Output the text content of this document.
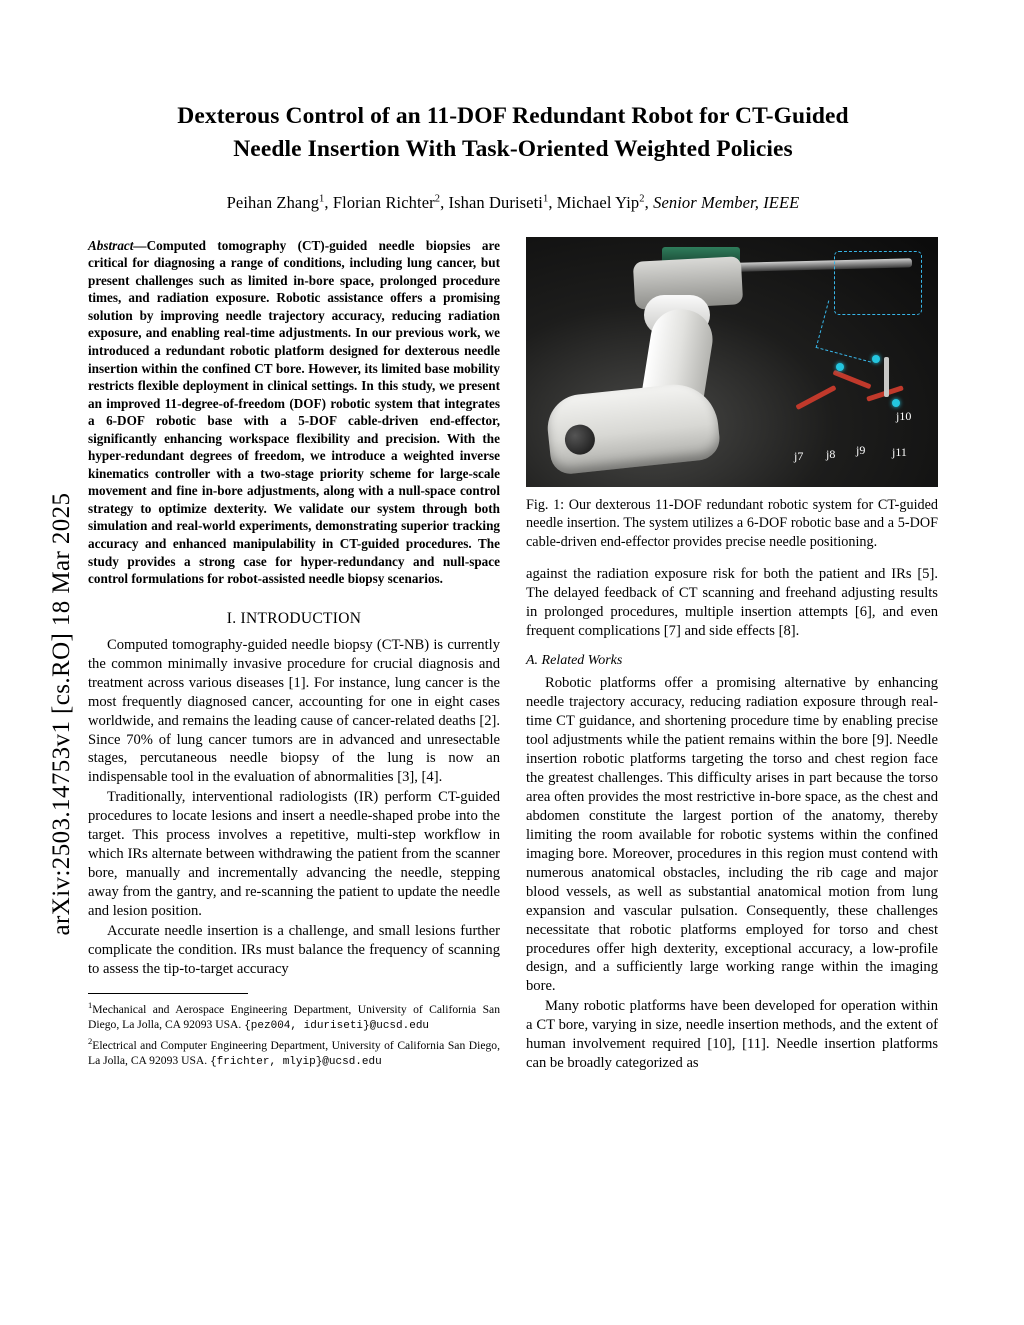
arXiv:2503.14753v1 [cs.RO] 18 Mar 2025
Dexterous Control of an 11-DOF Redundant Robot for CT-Guided
Needle Insertion With Task-Oriented Weighted Policies
Peihan Zhang$^1$, Florian Richter$^2$, Ishan Duriseti$^1$, Michael Yip$^2$, Senior Member, IEEE
Abstract—Computed tomography (CT)-guided needle biopsies are critical for diagnosing a range of conditions, including lung cancer, but present challenges such as limited in-bore space, prolonged procedure times, and radiation exposure. Robotic assistance offers a promising solution by improving needle trajectory accuracy, reducing radiation exposure, and enabling real-time adjustments. In our previous work, we introduced a redundant robotic platform designed for dexterous needle insertion within the confined CT bore. However, its limited base mobility restricts flexible deployment in clinical settings. In this study, we present an improved 11-degree-of-freedom (DOF) robotic system that integrates a 6-DOF robotic base with a 5-DOF cable-driven end-effector, significantly enhancing workspace flexibility and precision. With the hyper-redundant degrees of freedom, we introduce a weighted inverse kinematics controller with a two-stage priority scheme for large-scale movement and fine in-bore adjustments, along with a null-space control strategy to optimize dexterity. We validate our system through both simulation and real-world experiments, demonstrating superior tracking accuracy and enhanced manipulability in CT-guided procedures. The study provides a strong case for hyper-redundancy and null-space control formulations for robot-assisted needle biopsy scenarios.
I. INTRODUCTION

Computed tomography-guided needle biopsy (CT-NB) is currently the common minimally invasive procedure for crucial diagnosis and treatment across various diseases [1]. For instance, lung cancer is the most frequently diagnosed cancer, accounting for one in eight cases worldwide, and remains the leading cause of cancer-related deaths [2]. Since 70% of lung cancer tumors are in advanced and unresectable stages, percutaneous needle biopsy of the lung is now an indispensable tool in the evaluation of abnormalities [3], [4].

Traditionally, interventional radiologists (IR) perform CT-guided procedures to locate lesions and insert a needle-shaped probe into the target. This process involves a repetitive, multi-step workflow in which IRs alternate between withdrawing the patient from the scanner bore, manually and incrementally advancing the needle, stepping away from the gantry, and re-scanning the patient to update the needle and lesion position.

Accurate needle insertion is a challenge, and small lesions further complicate the condition. IRs must balance the frequency of scanning to assess the tip-to-target accuracy

$^1$Mechanical and Aerospace Engineering Department, University of California San Diego, La Jolla, CA 92093 USA. {pez004, iduriseti}@ucsd.edu

$^2$Electrical and Computer Engineering Department, University of California San Diego, La Jolla, CA 92093 USA. {frichter, mlyip}@ucsd.edu

j7 j8 j9
j10
j11
Fig. 1: Our dexterous 11-DOF redundant robotic system for CT-guided needle insertion. The system utilizes a 6-DOF robotic base and a 5-DOF cable-driven end-effector provides precise needle positioning.

against the radiation exposure risk for both the patient and IRs [5]. The delayed feedback of CT scanning and freehand adjusting results in prolonged procedures, multiple insertion attempts [6], and even frequent complications [7] and side effects [8].

A. Related Works

Robotic platforms offer a promising alternative by enhancing needle trajectory accuracy, reducing radiation exposure through real-time CT guidance, and shortening procedure time by enabling precise tool adjustments while the patient remains within the bore [9]. Needle insertion robotic platforms targeting the torso and chest region face the greatest challenges. This difficulty arises in part because the torso area often provides the most restrictive in-bore space, as the chest and abdomen constitute the largest portion of the anatomy, thereby limiting the room available for robotic systems within the confined imaging bore. Moreover, procedures in this region must contend with numerous anatomical obstacles, including the rib cage and major blood vessels, as well as substantial anatomical motion from lung expansion and vascular pulsation. Consequently, these challenges necessitate that robotic platforms employed for torso and chest procedures offer high dexterity, exceptional accuracy, a low-profile design, and a sufficiently large working range within the imaging bore.

Many robotic platforms have been developed for operation within a CT bore, varying in size, needle insertion methods, and the extent of human involvement required [10], [11]. Needle insertion platforms can be broadly categorized as
